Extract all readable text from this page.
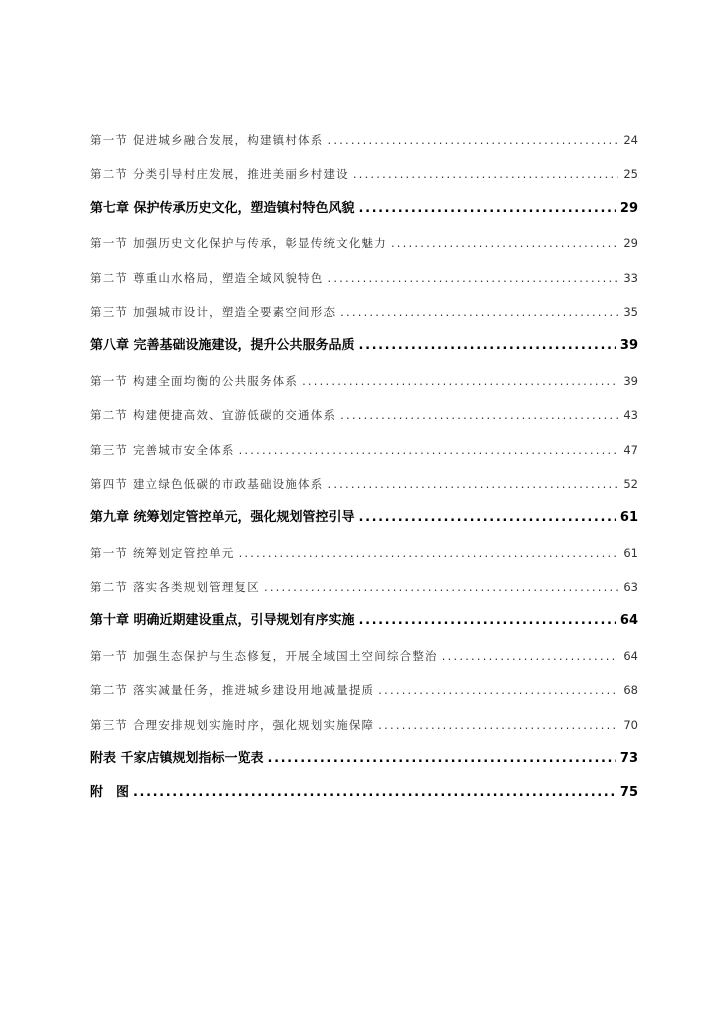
第一节 促进城乡融合发展，构建镇村体系 .....	24
第二节 分类引导村庄发展，推进美丽乡村建设 .....	25
第七章 保护传承历史文化，塑造镇村特色风貌 .....	29
第一节 加强历史文化保护与传承，彰显传统文化魅力 .....	29
第二节 尊重山水格局，塑造全域风貌特色 .....	33
第三节 加强城市设计，塑造全要素空间形态 .....	35
第八章 完善基础设施建设，提升公共服务品质 .....	39
第一节 构建全面均衡的公共服务体系 .....	39
第二节 构建便捷高效、宜游低碳的交通体系 .....	43
第三节 完善城市安全体系 .....	47
第四节 建立绿色低碳的市政基础设施体系 .....	52
第九章 统筹划定管控单元，强化规划管控引导 .....	61
第一节 统筹划定管控单元 .....	61
第二节 落实各类规划管理复区 .....	63
第十章 明确近期建设重点，引导规划有序实施 .....	64
第一节 加强生态保护与生态修复，开展全域国土空间综合整治 .....	64
第二节 落实减量任务，推进城乡建设用地减量提质 .....	68
第三节 合理安排规划实施时序，强化规划实施保障 .....	70
附表 千家店镇规划指标一览表 .....	73
附　图 .....	75
